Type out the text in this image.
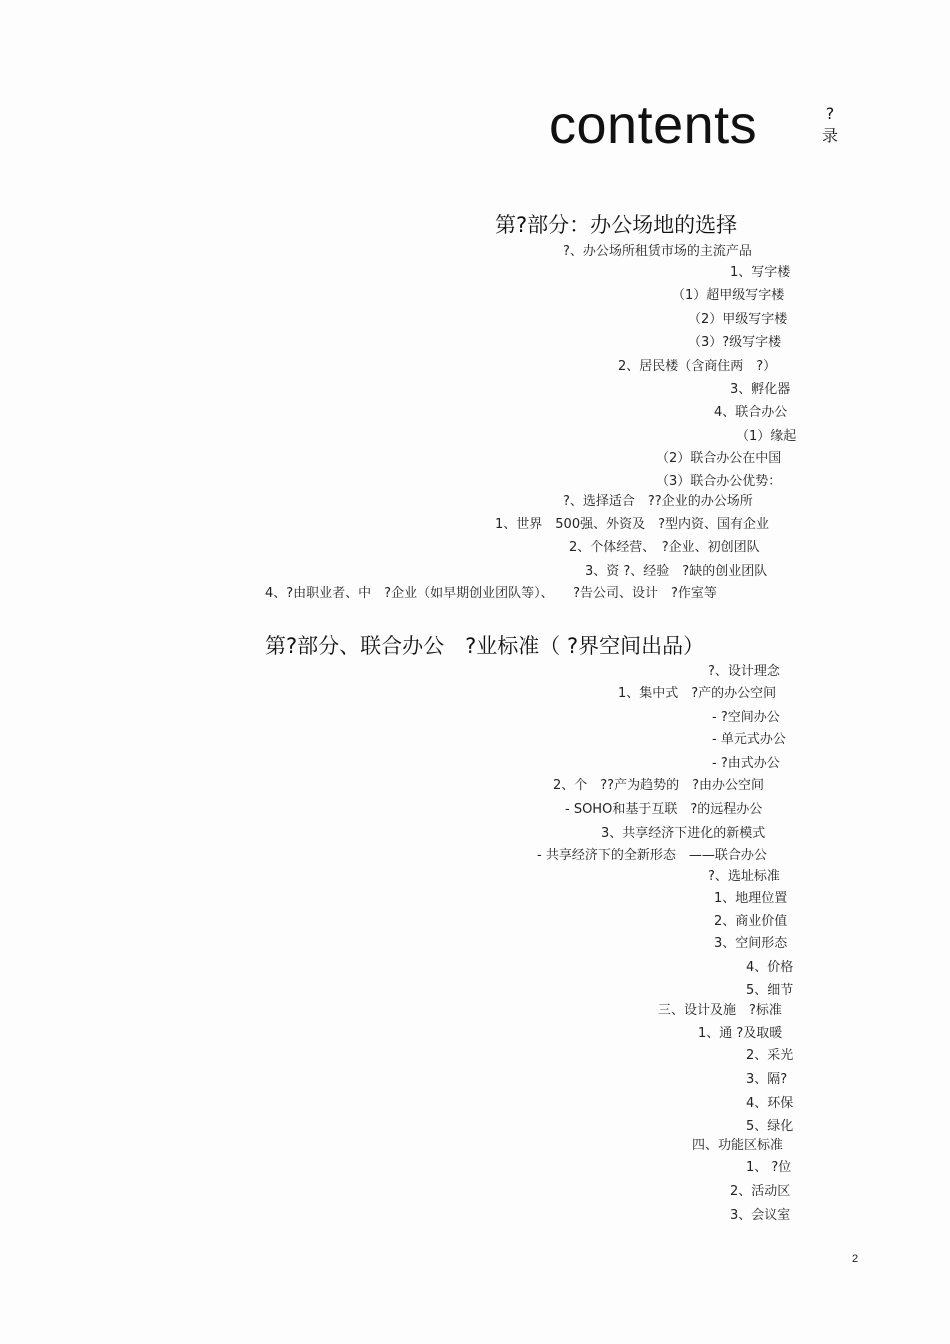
contents	?
录
第?部分：办公场地的选择
?、办公场所租赁市场的主流产品
1、写字楼
（1）超甲级写字楼
（2）甲级写字楼
（3）?级写字楼
2、居民楼（含商住两　?）
3、孵化器
4、联合办公
（1）缘起
（2）联合办公在中国
（3）联合办公优势：
?、选择适合　??企业的办公场所
1、世界　500强、外资及　?型内资、国有企业
2、个体经营、　?企业、初创团队
3、资 ?、经验　?缺的创业团队
4、?由职业者、中　?企业（如早期创业团队等）、　　?告公司、设计　?作室等
第?部分、联合办公　?业标准（ ?界空间出品）
?、设计理念
1、集中式　?产的办公空间
- ?空间办公
- 单元式办公
- ?由式办公
2、个　??产为趋势的　?由办公空间
- SOHO和基于互联　?的远程办公
3、共享经济下进化的新模式
- 共享经济下的全新形态　——联合办公
?、选址标准
1、地理位置
2、商业价值
3、空间形态
4、价格
5、细节
三、设计及施　?标准
1、通 ?及取暖
2、采光
3、隔?
4、环保
5、绿化
四、功能区标准
1、 ?位
2、活动区
3、会议室
2
